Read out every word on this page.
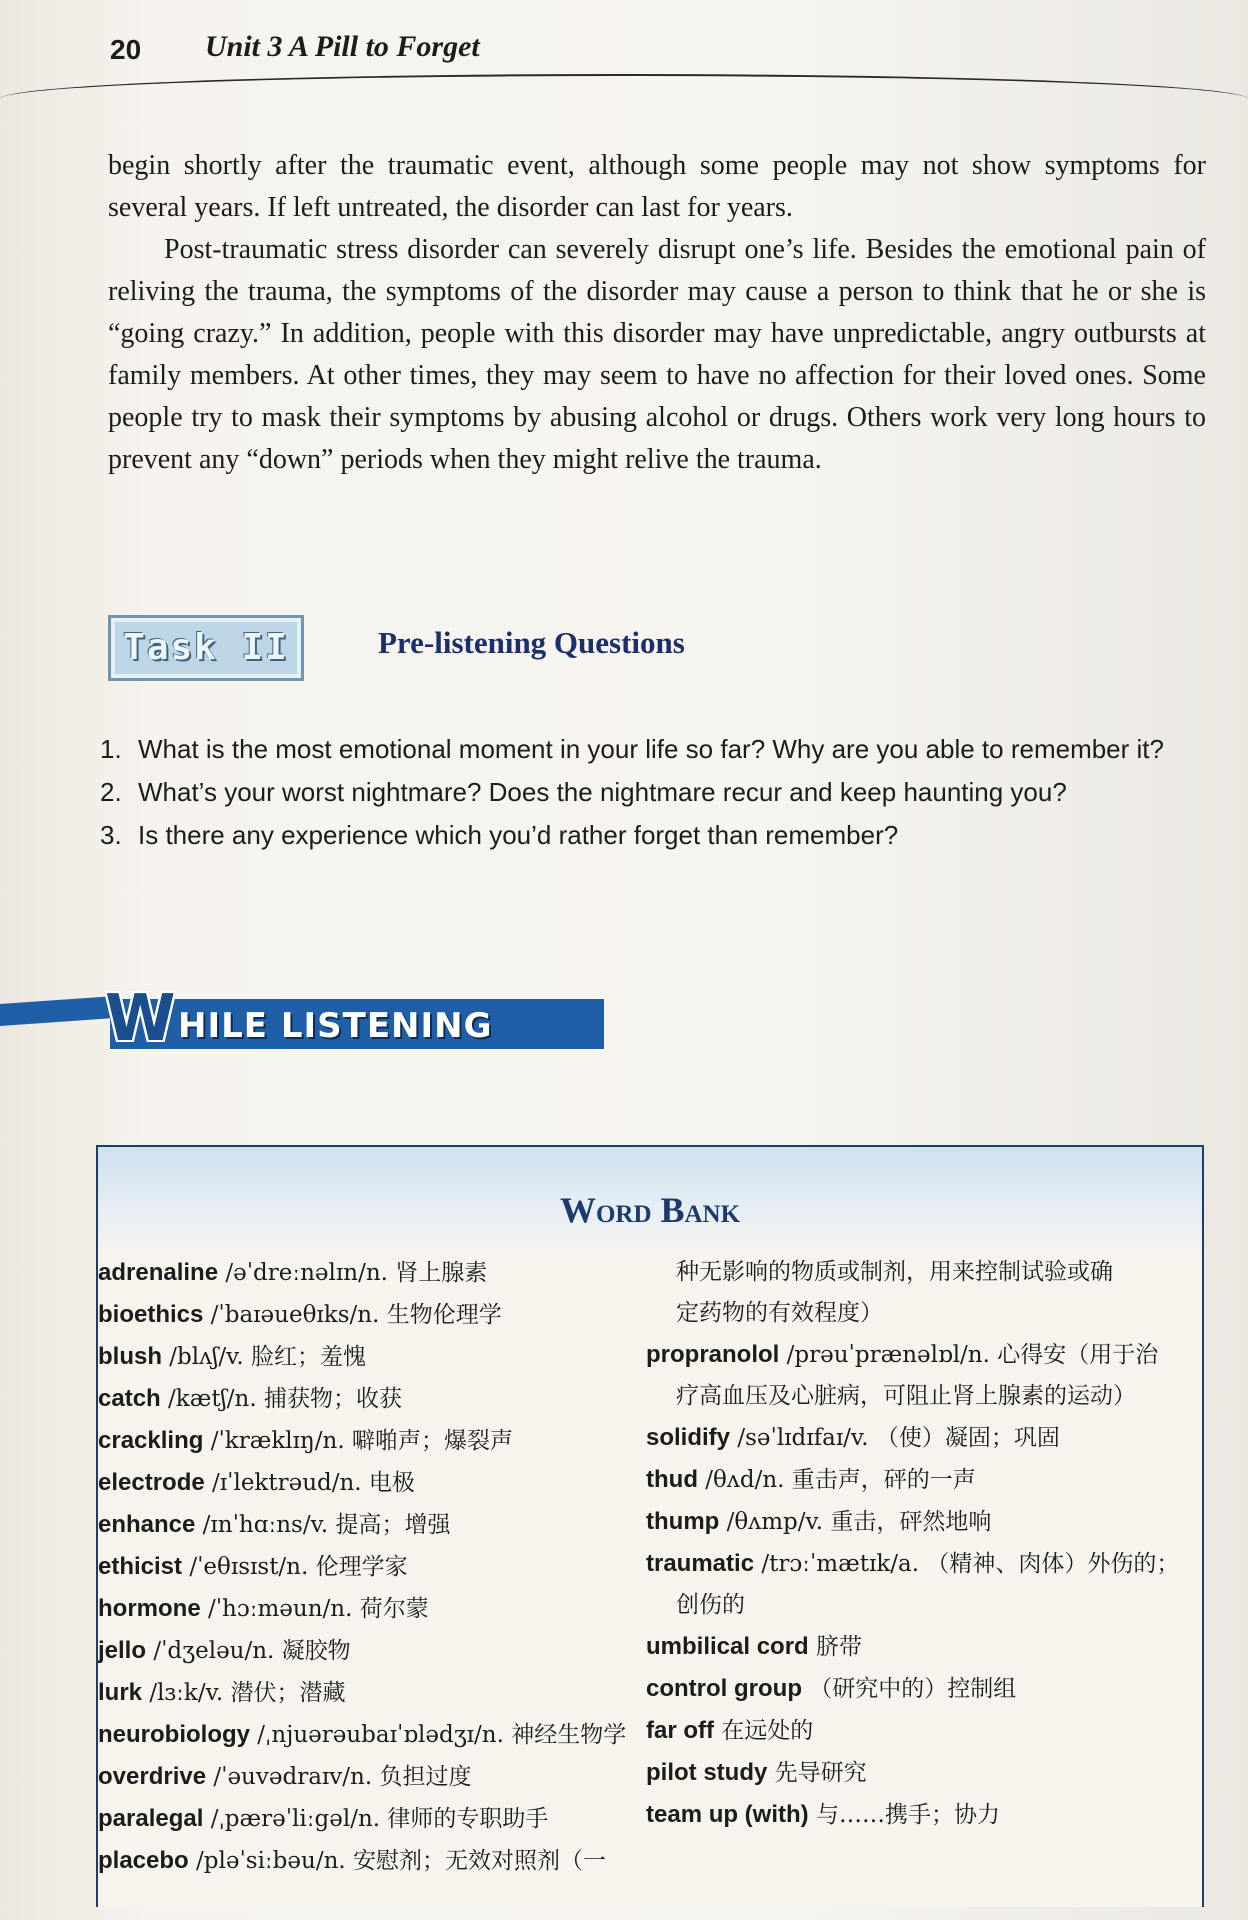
20 Unit 3 A Pill to Forget

begin shortly after the traumatic event, although some people may not show symptoms for several years. If left untreated, the disorder can last for years.

Post-traumatic stress disorder can severely disrupt one’s life. Besides the emotional pain of reliving the trauma, the symptoms of the disorder may cause a person to think that he or she is “going crazy.” In addition, people with this disorder may have unpredictable, angry outbursts at family members. At other times, they may seem to have no affection for their loved ones. Some people try to mask their symptoms by abusing alcohol or drugs. Others work very long hours to prevent any “down” periods when they might relive the trauma.

Task II	Pre-listening Questions
1. What is the most emotional moment in your life so far? Why are you able to remember it?
2. What’s your worst nightmare? Does the nightmare recur and keep haunting you?
3. Is there any experience which you’d rather forget than remember?
W HILE LISTENING
Word Bank
adrenaline /əˈdreːnəlɪn/n. 肾上腺素
bioethics /ˈbaɪəueθɪks/n. 生物伦理学
blush /blʌʃ/v. 脸红；羞愧
catch /kætʃ/n. 捕获物；收获
crackling /ˈkræklɪŋ/n. 噼啪声；爆裂声
electrode /ɪˈlektrəud/n. 电极
enhance /ɪnˈhɑːns/v. 提高；增强
ethicist /ˈeθɪsɪst/n. 伦理学家
hormone /ˈhɔːməun/n. 荷尔蒙
jello /ˈdʒeləu/n. 凝胶物
lurk /lɜːk/v. 潜伏；潜藏
neurobiology /ˌnjuərəubaɪˈɒlədʒɪ/n. 神经生物学
overdrive /ˈəuvədraɪv/n. 负担过度
paralegal /ˌpærəˈliːgəl/n. 律师的专职助手
placebo /pləˈsiːbəu/n. 安慰剂；无效对照剂（一
种无影响的物质或制剂，用来控制试验或确
定药物的有效程度）
propranolol /prəuˈprænəlɒl/n. 心得安（用于治
疗高血压及心脏病，可阻止肾上腺素的运动）
solidify /səˈlɪdɪfaɪ/v. （使）凝固；巩固
thud /θʌd/n. 重击声，砰的一声
thump /θʌmp/v. 重击，砰然地响
traumatic /trɔːˈmætɪk/a. （精神、肉体）外伤的；
创伤的
umbilical cord 脐带
control group （研究中的）控制组
far off 在远处的
pilot study 先导研究
team up (with) 与……携手；协力
